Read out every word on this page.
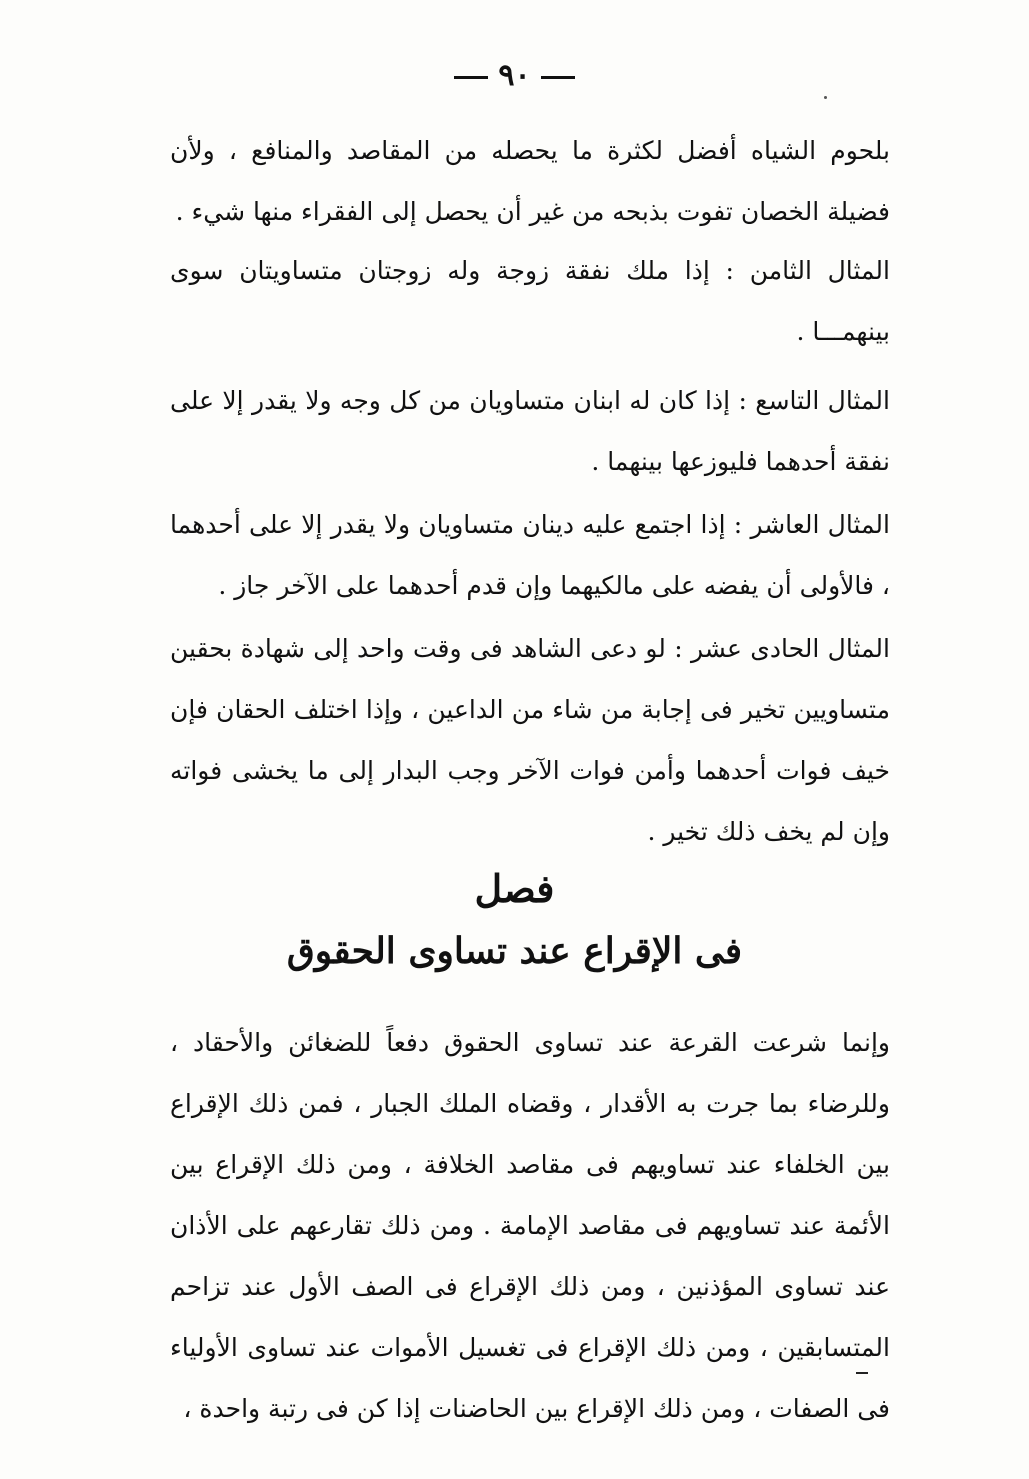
٩٠

بلحوم الشياه أفضل لكثرة ما يحصله من المقاصد والمنافع ، ولأن فضيلة الخصان تفوت بذبحه من غير أن يحصل إلى الفقراء منها شيء .

المثال الثامن : إذا ملك نفقة زوجة وله زوجتان متساويتان سوى بينهمـــا .

المثال التاسع : إذا كان له ابنان متساويان من كل وجه ولا يقدر إلا على نفقة أحدهما فليوزعها بينهما .

المثال العاشر : إذا اجتمع عليه دينان متساويان ولا يقدر إلا على أحدهما ، فالأولى أن يفضه على مالكيهما وإن قدم أحدهما على الآخر جاز .

المثال الحادى عشر : لو دعى الشاهد فى وقت واحد إلى شهادة بحقين متساويين تخير فى إجابة من شاء من الداعين ، وإذا اختلف الحقان فإن خيف فوات أحدهما وأمن فوات الآخر وجب البدار إلى ما يخشى فواته وإن لم يخف ذلك تخير .

فصل
فى الإقراع عند تساوى الحقوق

وإنما شرعت القرعة عند تساوى الحقوق دفعاً للضغائن والأحقاد ، وللرضاء بما جرت به الأقدار ، وقضاه الملك الجبار ، فمن ذلك الإقراع بين الخلفاء عند تساويهم فى مقاصد الخلافة ، ومن ذلك الإقراع بين الأئمة عند تساويهم فى مقاصد الإمامة . ومن ذلك تقارعهم على الأذان عند تساوى المؤذنين ، ومن ذلك الإقراع فى الصف الأول عند تزاحم المتسابقين ، ومن ذلك الإقراع فى تغسيل الأموات عند تساوى الأولياء فى الصفات ، ومن ذلك الإقراع بين الحاضنات إذا كن فى رتبة واحدة ،
